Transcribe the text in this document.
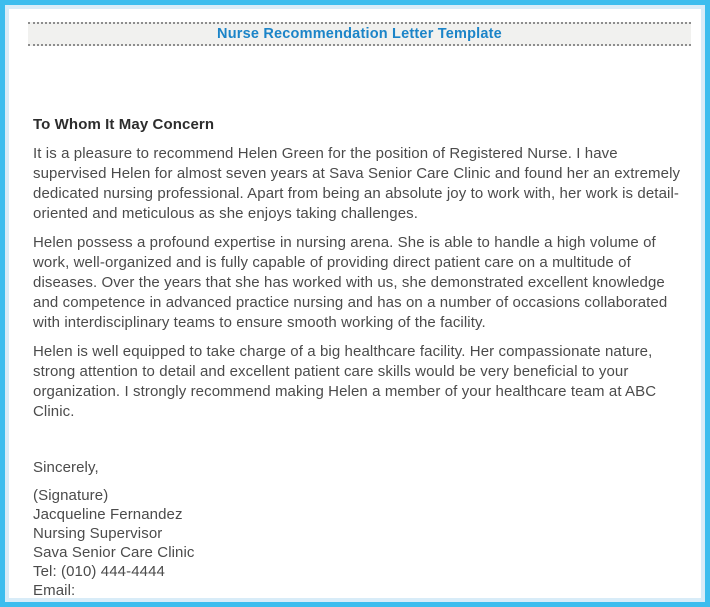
Nurse Recommendation Letter Template
To Whom It May Concern

It is a pleasure to recommend Helen Green for the position of Registered Nurse. I have supervised Helen for almost seven years at Sava Senior Care Clinic and found her an extremely dedicated nursing professional. Apart from being an absolute joy to work with, her work is detail-oriented and meticulous as she enjoys taking challenges.

Helen possess a profound expertise in nursing arena. She is able to handle a high volume of work, well-organized and is fully capable of providing direct patient care on a multitude of diseases. Over the years that she has worked with us, she demonstrated excellent knowledge and competence in advanced practice nursing and has on a number of occasions collaborated with interdisciplinary teams to ensure smooth working of the facility.

Helen is well equipped to take charge of a big healthcare facility. Her compassionate nature, strong attention to detail and excellent patient care skills would be very beneficial to your organization. I strongly recommend making Helen a member of your healthcare team at ABC Clinic.

Sincerely,
(Signature)
Jacqueline Fernandez
Nursing Supervisor
Sava Senior Care Clinic
Tel: (010) 444-4444
Email:
